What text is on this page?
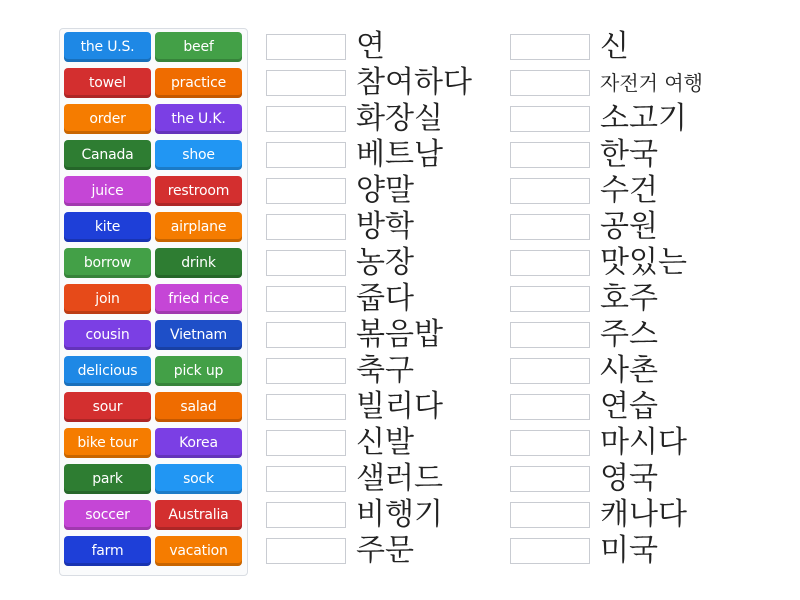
the U.S.	beef
towel	practice
order	the U.K.
Canada	shoe
juice	restroom
kite	airplane
borrow	drink
join	fried rice
cousin	Vietnam
delicious	pick up
sour	salad
bike tour	Korea
park	sock
soccer	Australia
farm	vacation
연
참여하다
화장실
베트남
양말
방학
농장
줍다
볶음밥
축구
빌리다
신발
샐러드
비행기
주문
신
자전거 여행
소고기
한국
수건
공원
맛있는
호주
주스
사촌
연습
마시다
영국
캐나다
미국
